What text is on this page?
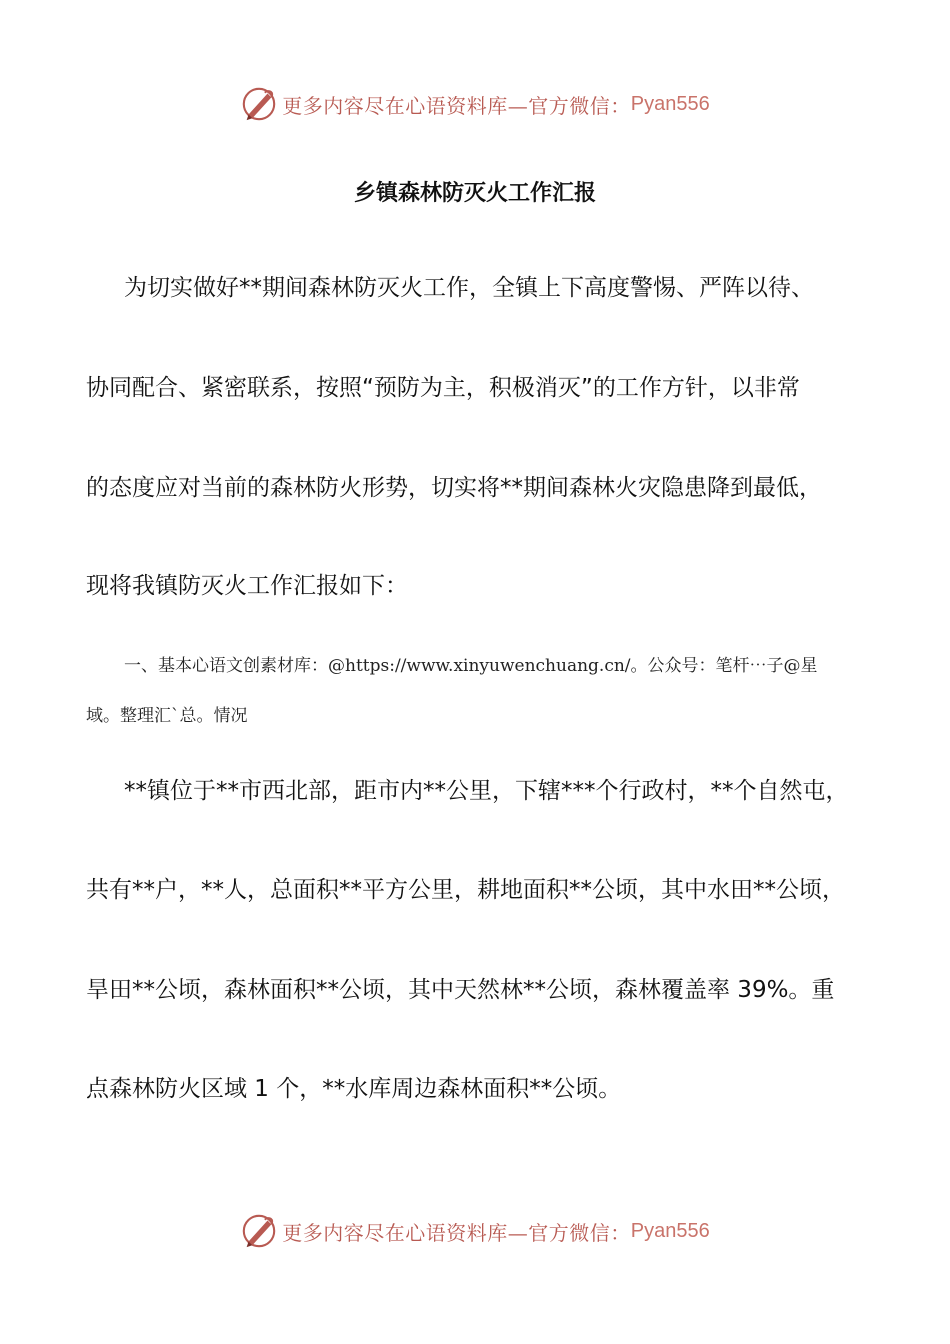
更多内容尽在心语资料库—官方微信： Pyan556
乡镇森林防灭火工作汇报
为切实做好**期间森林防灭火工作，全镇上下高度警惕、严阵以待、
协同配合、紧密联系，按照“预防为主，积极消灭”的工作方针，以非常
的态度应对当前的森林防火形势，切实将**期间森林火灾隐患降到最低，
现将我镇防灭火工作汇报如下：
一、基本心语文创素材库：@https://www.xinyuwenchuang.cn/。公众号：笔杆⋯子@星
域。整理汇`总。情况
**镇位于**市西北部，距市内**公里，下辖***个行政村，**个自然屯，
共有**户，**人，总面积**平方公里，耕地面积**公顷，其中水田**公顷，
旱田**公顷，森林面积**公顷，其中天然林**公顷，森林覆盖率 39%。重
点森林防火区域 1 个，**水库周边森林面积**公顷。
更多内容尽在心语资料库—官方微信： Pyan556
